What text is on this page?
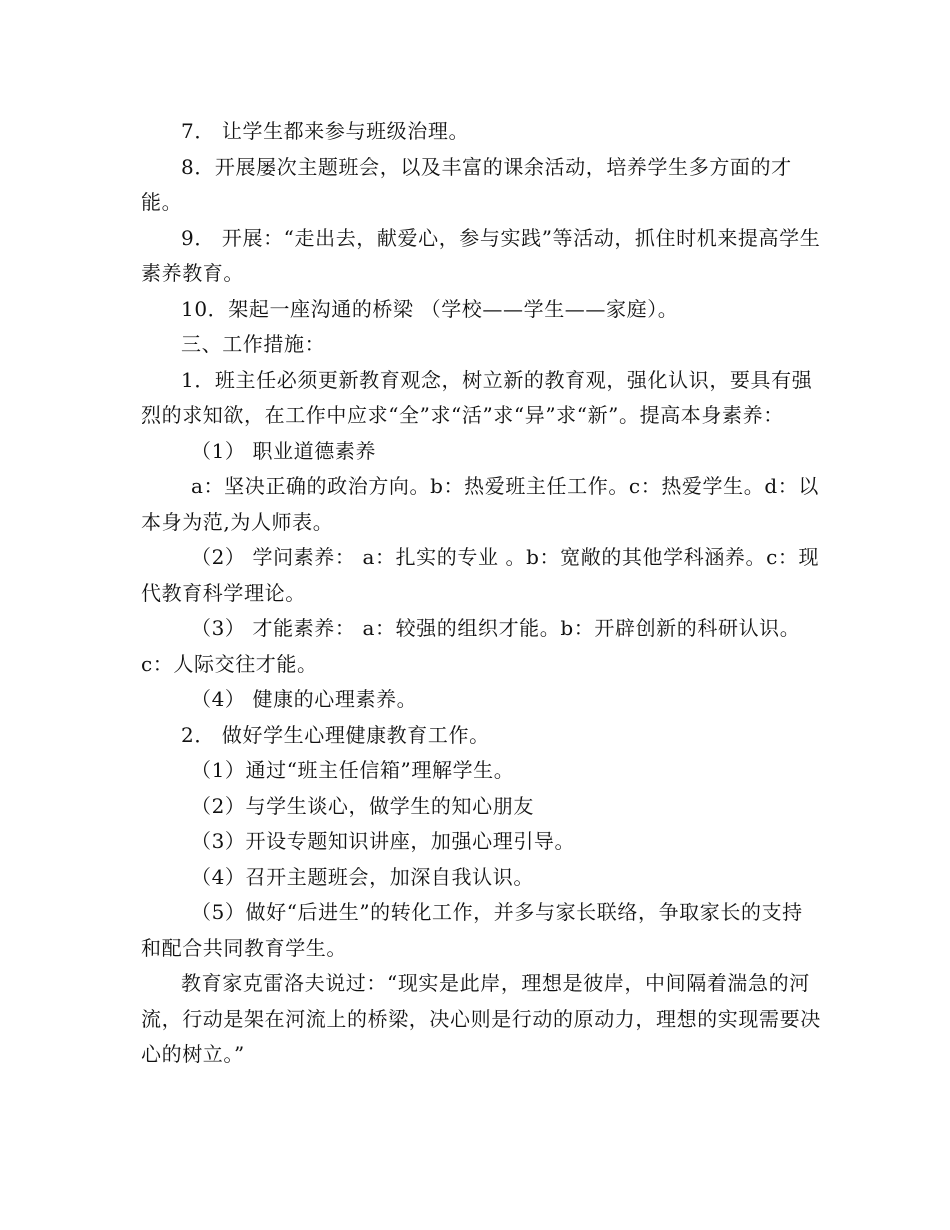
7． 让学生都来参与班级治理。

8．开展屡次主题班会，以及丰富的课余活动，培养学生多方面的才能。

9． 开展：“走出去，献爱心，参与实践”等活动，抓住时机来提高学生素养教育。

10．架起一座沟通的桥梁 （学校——学生——家庭）。

三、工作措施：

1．班主任必须更新教育观念，树立新的教育观，强化认识，要具有强烈的求知欲，在工作中应求“全”求“活”求“异”求“新”。提高本身素养：

（1） 职业道德素养

a：坚决正确的政治方向。b：热爱班主任工作。c：热爱学生。d：以本身为范,为人师表。

（2） 学问素养： a：扎实的专业 。b：宽敞的其他学科涵养。c：现代教育科学理论。

（3） 才能素养： a：较强的组织才能。b：开辟创新的科研认识。c：人际交往才能。

（4） 健康的心理素养。

2． 做好学生心理健康教育工作。

（1）通过“班主任信箱”理解学生。

（2）与学生谈心，做学生的知心朋友

（3）开设专题知识讲座，加强心理引导。

（4）召开主题班会，加深自我认识。

（5）做好“后进生”的转化工作，并多与家长联络，争取家长的支持和配合共同教育学生。

教育家克雷洛夫说过：“现实是此岸，理想是彼岸，中间隔着湍急的河流，行动是架在河流上的桥梁，决心则是行动的原动力，理想的实现需要决心的树立。”
